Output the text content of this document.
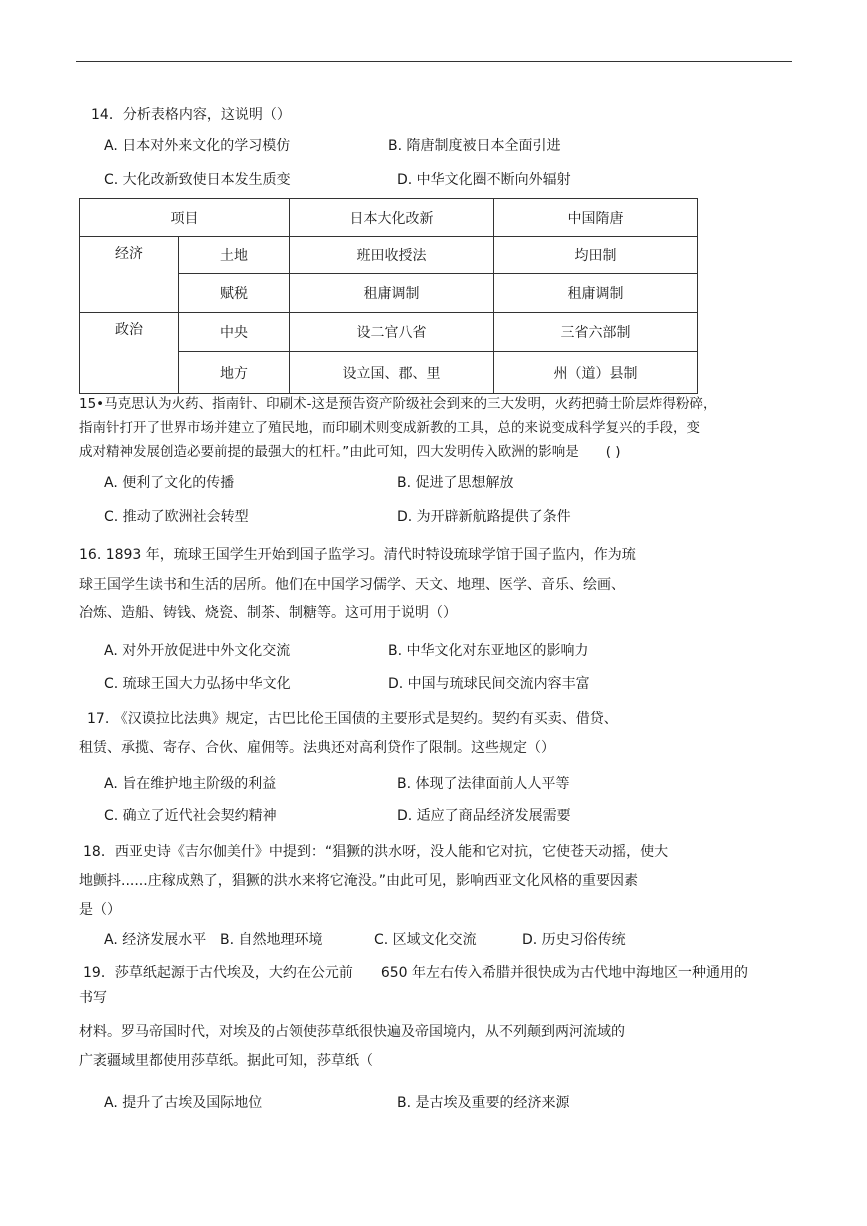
14．分析表格内容，这说明（）
A. 日本对外来文化的学习模仿	B. 隋唐制度被日本全面引进
C. 大化改新致使日本发生质变	D. 中华文化圈不断向外辐射
项目		日本大化改新	中国隋唐
经济	土地	班田收授法	均田制
	赋税	租庸调制	租庸调制
政治	中央	设二官八省	三省六部制
	地方	设立国、郡、里	州（道）县制
15•马克思认为火药、指南针、印刷术-这是预告资产阶级社会到来的三大发明，火药把骑士阶层炸得粉碎，
指南针打开了世界市场并建立了殖民地，而印刷术则变成新教的工具，总的来说变成科学复兴的手段，变
成对精神发展创造必要前提的最强大的杠杆。”由此可知，四大发明传入欧洲的影响是　　( )
A. 便利了文化的传播	B. 促进了思想解放
C. 推动了欧洲社会转型	D. 为开辟新航路提供了条件
16. 1893 年，琉球王国学生开始到国子监学习。清代时特设琉球学馆于国子监内，作为琉
球王国学生读书和生活的居所。他们在中国学习儒学、天文、地理、医学、音乐、绘画、
冶炼、造船、铸钱、烧瓷、制茶、制糖等。这可用于说明（）
A. 对外开放促进中外文化交流	B. 中华文化对东亚地区的影响力
C. 琉球王国大力弘扬中华文化	D. 中国与琉球民间交流内容丰富
17. 《汉谟拉比法典》规定，古巴比伦王国债的主要形式是契约。契约有买卖、借贷、
租赁、承揽、寄存、合伙、雇佣等。法典还对高利贷作了限制。这些规定（）
A. 旨在维护地主阶级的利益	B. 体现了法律面前人人平等
C. 确立了近代社会契约精神	D. 适应了商品经济发展需要
18．西亚史诗《吉尔伽美什》中提到：“猖獗的洪水呀，没人能和它对抗，它使苍天动摇，使大
地颤抖......庄稼成熟了，猖獗的洪水来将它淹没。”由此可见，影响西亚文化风格的重要因素
是（）
A. 经济发展水平 B. 自然地理环境	C. 区域文化交流	D. 历史习俗传统
19．莎草纸起源于古代埃及，大约在公元前　　650 年左右传入希腊并很快成为古代地中海地区一种通用的
书写
材料。罗马帝国时代，对埃及的占领使莎草纸很快遍及帝国境内，从不列颠到两河流域的
广袤疆域里都使用莎草纸。据此可知，莎草纸（
A. 提升了古埃及国际地位	B. 是古埃及重要的经济来源
